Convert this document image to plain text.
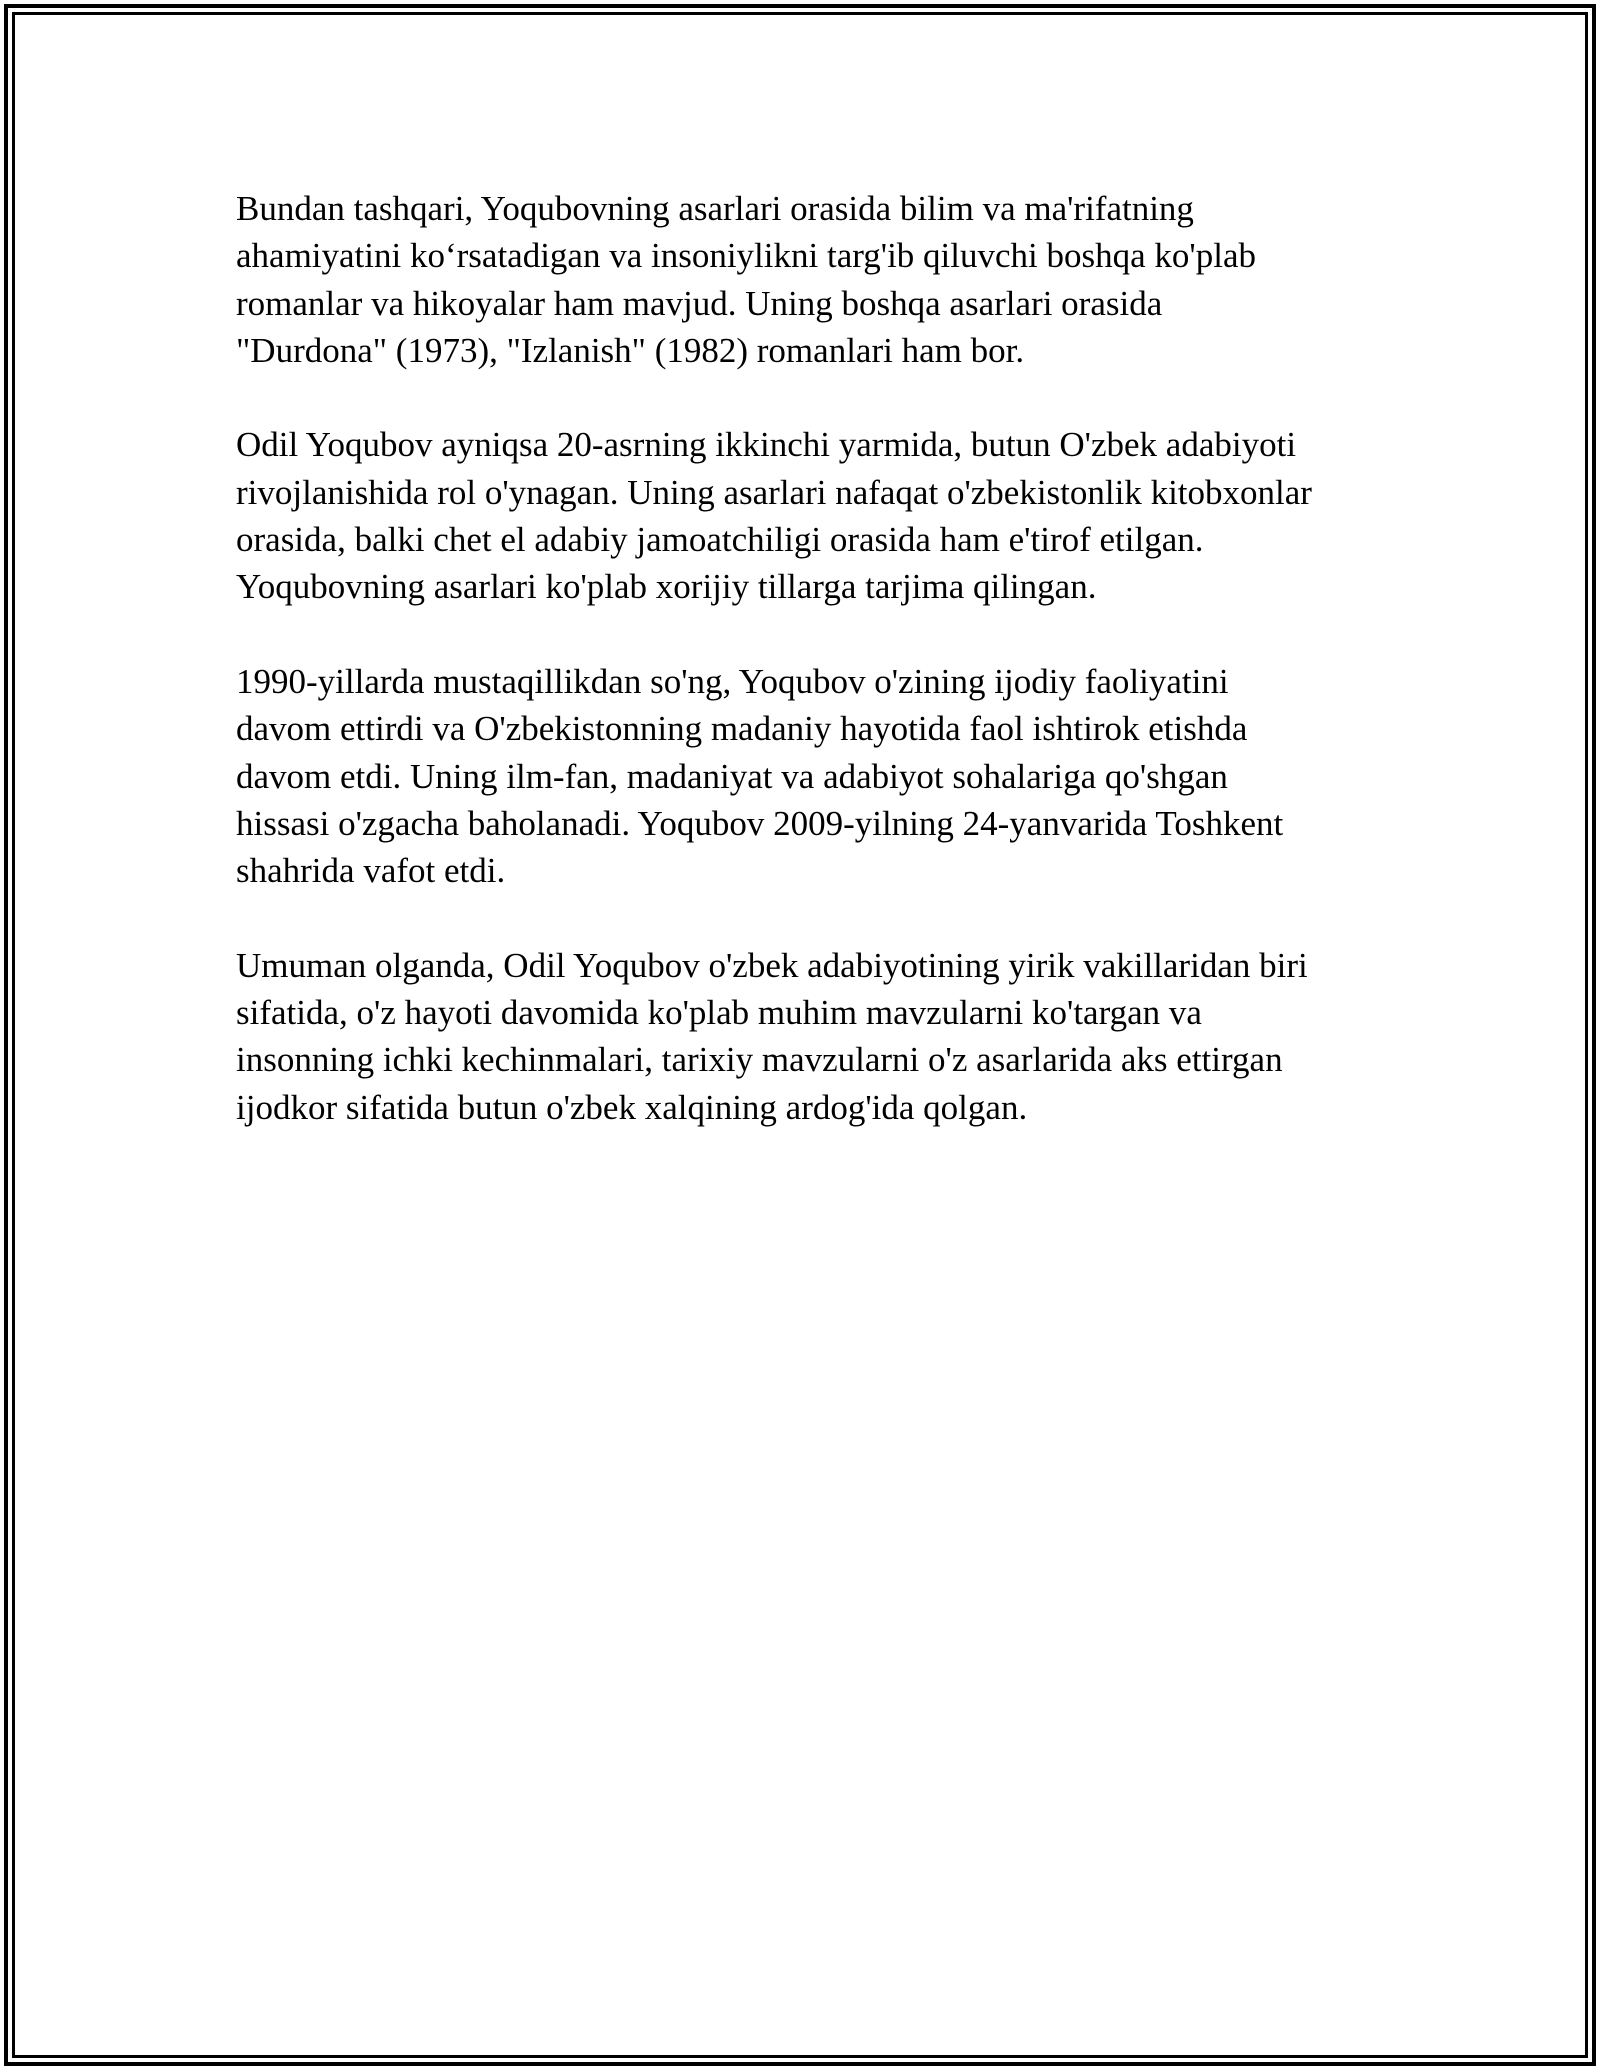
Bundan tashqari, Yoqubovning asarlari orasida bilim va ma'rifatning
ahamiyatini ko‘rsatadigan va insoniylikni targ'ib qiluvchi boshqa ko'plab
romanlar va hikoyalar ham mavjud. Uning boshqa asarlari orasida
"Durdona" (1973), "Izlanish" (1982) romanlari ham bor.

Odil Yoqubov ayniqsa 20-asrning ikkinchi yarmida, butun O'zbek adabiyoti
rivojlanishida rol o'ynagan. Uning asarlari nafaqat o'zbekistonlik kitobxonlar
orasida, balki chet el adabiy jamoatchiligi orasida ham e'tirof etilgan.
Yoqubovning asarlari ko'plab xorijiy tillarga tarjima qilingan.

1990-yillarda mustaqillikdan so'ng, Yoqubov o'zining ijodiy faoliyatini
davom ettirdi va O'zbekistonning madaniy hayotida faol ishtirok etishda
davom etdi. Uning ilm-fan, madaniyat va adabiyot sohalariga qo'shgan
hissasi o'zgacha baholanadi. Yoqubov 2009-yilning 24-yanvarida Toshkent
shahrida vafot etdi.

Umuman olganda, Odil Yoqubov o'zbek adabiyotining yirik vakillaridan biri
sifatida, o'z hayoti davomida ko'plab muhim mavzularni ko'targan va
insonning ichki kechinmalari, tarixiy mavzularni o'z asarlarida aks ettirgan
ijodkor sifatida butun o'zbek xalqining ardog'ida qolgan.
